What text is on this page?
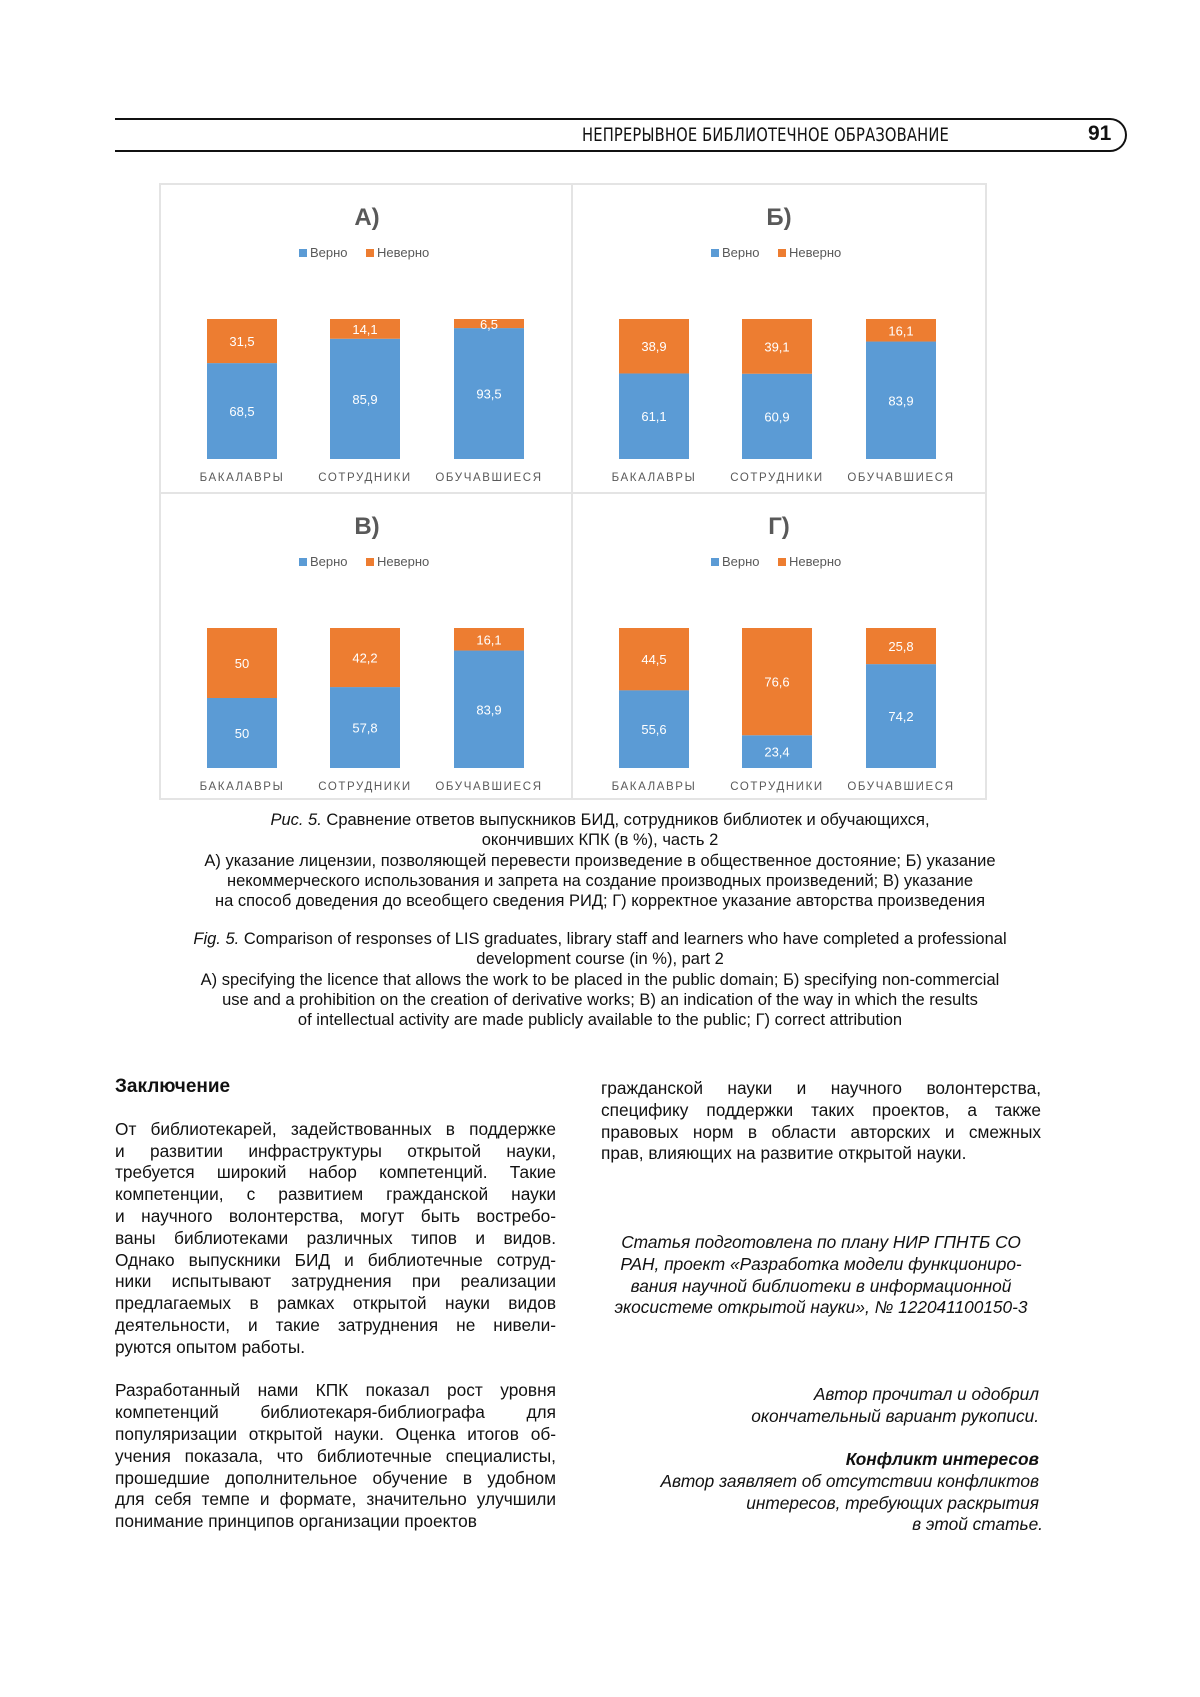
НЕПРЕРЫВНОЕ БИБЛИОТЕЧНОЕ ОБРАЗОВАНИЕ	91
А)
Верно Неверно
68,5
31,5
БАКАЛАВРЫ
85,9
14,1
СОТРУДНИКИ
93,5
6,5
ОБУЧАВШИЕСЯ
Б)
Верно Неверно
61,1
38,9
БАКАЛАВРЫ
60,9
39,1
СОТРУДНИКИ
83,9
16,1
ОБУЧАВШИЕСЯ
В)
Верно Неверно
50
50
БАКАЛАВРЫ
57,8
42,2
СОТРУДНИКИ
83,9
16,1
ОБУЧАВШИЕСЯ
Г)
Верно Неверно
55,6
44,5
БАКАЛАВРЫ
23,4
76,6
СОТРУДНИКИ
74,2
25,8
ОБУЧАВШИЕСЯ
Рис. 5. Сравнение ответов выпускников БИД, сотрудников библиотек и обучающихся,
окончивших КПК (в %), часть 2
А) указание лицензии, позволяющей перевести произведение в общественное достояние; Б) указание
некоммерческого использования и запрета на создание производных произведений; В) указание
на способ доведения до всеобщего сведения РИД; Г) корректное указание авторства произведения
Fig. 5. Comparison of responses of LIS graduates, library staff and learners who have completed a professional
development course (in %), part 2
A) specifying the licence that allows the work to be placed in the public domain; Б) specifying non-commercial
use and a prohibition on the creation of derivative works; В) an indication of the way in which the results
of intellectual activity are made publicly available to the public; Г) correct attribution
Заключение
От библиотекарей, задействованных в поддержке
и развитии инфраструктуры открытой науки,
требуется широкий набор компетенций. Такие
компетенции, с развитием гражданской науки
и научного волонтерства, могут быть востребо-
ваны библиотеками различных типов и видов.
Однако выпускники БИД и библиотечные сотруд-
ники испытывают затруднения при реализации
предлагаемых в рамках открытой науки видов
деятельности, и такие затруднения не нивели-
руются опытом работы.
Разработанный нами КПК показал рост уровня
компетенций библиотекаря-библиографа для
популяризации открытой науки. Оценка итогов об-
учения показала, что библиотечные специалисты,
прошедшие дополнительное обучение в удобном
для себя темпе и формате, значительно улучшили
понимание принципов организации проектов
гражданской науки и научного волонтерства,
специфику поддержки таких проектов, а также
правовых норм в области авторских и смежных
прав, влияющих на развитие открытой науки.
Статья подготовлена по плану НИР ГПНТБ СО
РАН, проект «Разработка модели функциониро-
вания научной библиотеки в информационной
экосистеме открытой науки», № 122041100150-3
Автор прочитал и одобрил
окончательный вариант рукописи.
Конфликт интересов
Автор заявляет об отсутствии конфликтов
интересов, требующих раскрытия
в этой статье.
